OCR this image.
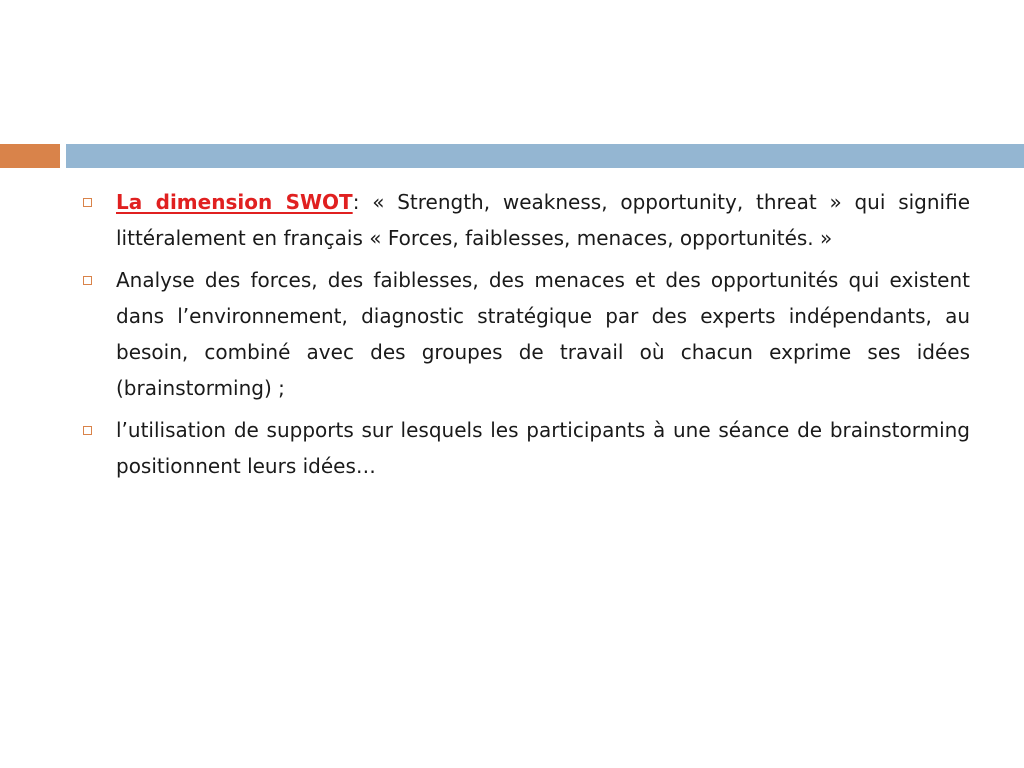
La dimension SWOT: « Strength, weakness, opportunity, threat » qui signifie littéralement en français « Forces, faiblesses, menaces, opportunités. »
Analyse des forces, des faiblesses, des menaces et des opportunités qui existent dans l’environnement, diagnostic stratégique par des experts indépendants, au besoin, combiné avec des groupes de travail où chacun exprime ses idées (brainstorming) ;
l’utilisation de supports sur lesquels les participants à une séance de brainstorming positionnent leurs idées…
